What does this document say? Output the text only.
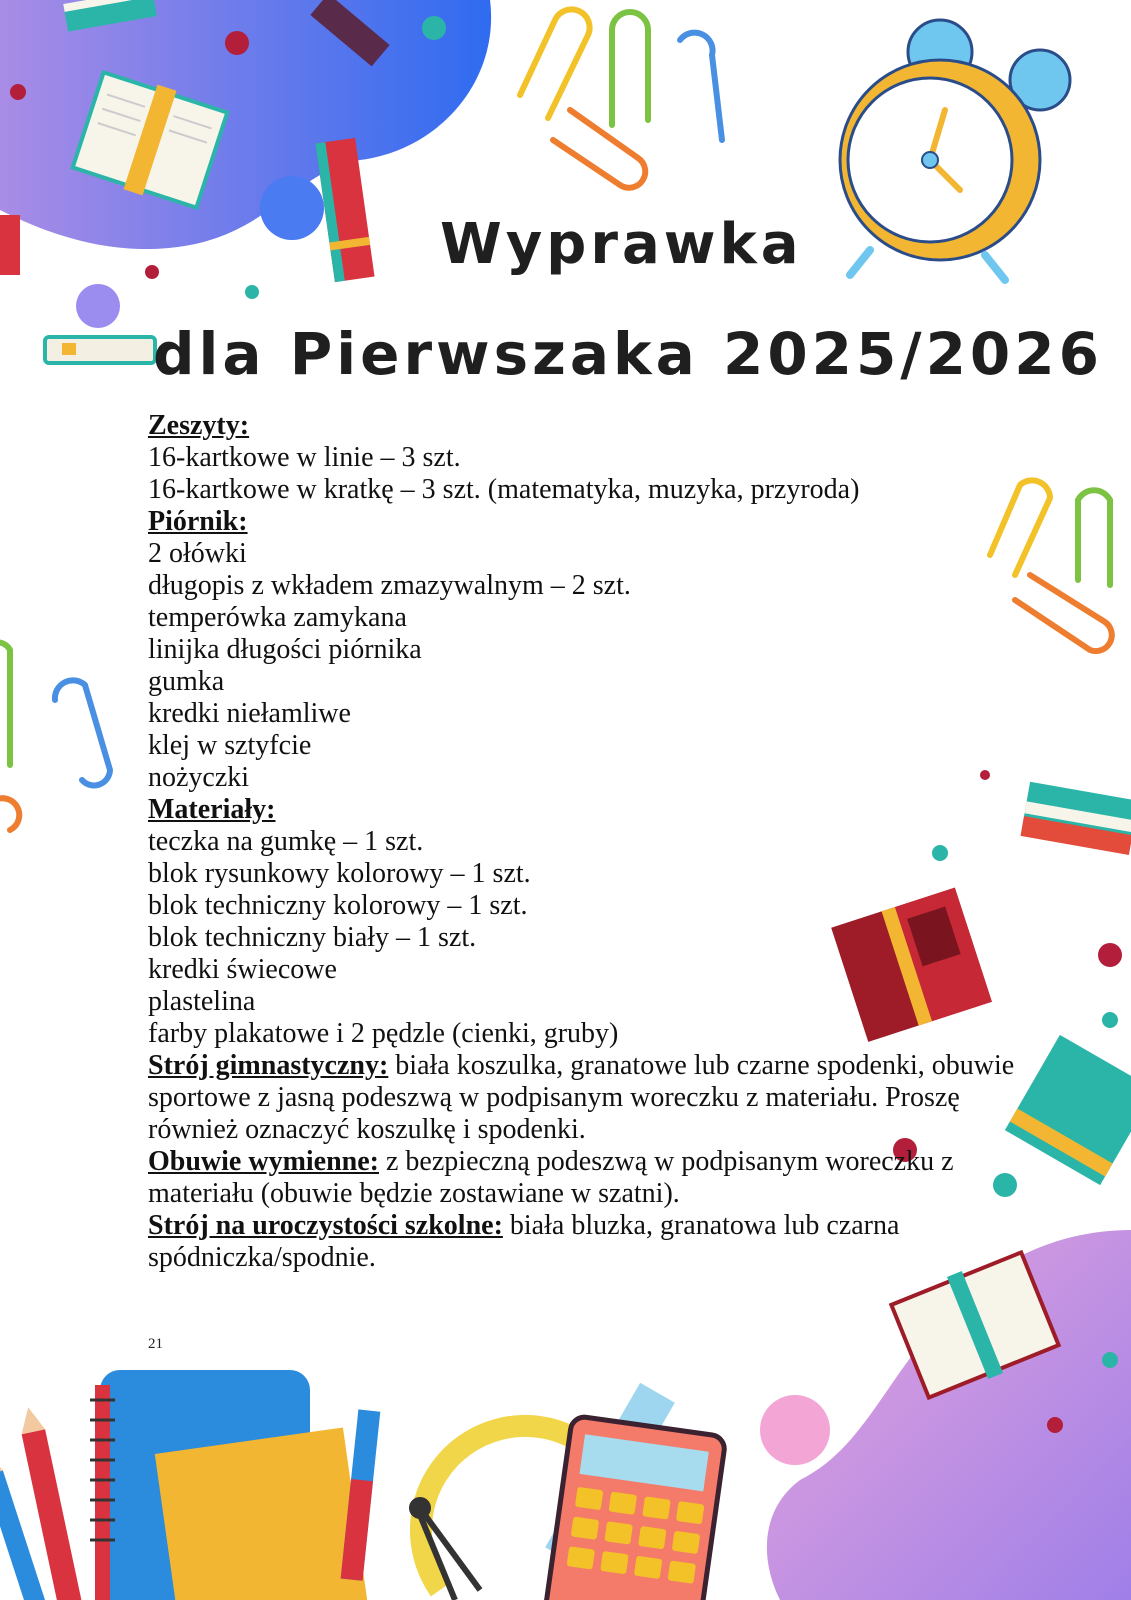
Wyprawka
dla Pierwszaka 2025/2026
Zeszyty:
16-kartkowe w linie – 3 szt.
16-kartkowe w kratkę – 3 szt. (matematyka, muzyka, przyroda)
Piórnik:
2 ołówki
długopis z wkładem zmazywalnym – 2 szt.
temperówka zamykana
linijka długości piórnika
gumka
kredki niełamliwe
klej w sztyfcie
nożyczki
Materiały:
teczka na gumkę – 1 szt.
blok rysunkowy kolorowy – 1 szt.
blok techniczny kolorowy – 1 szt.
blok techniczny biały – 1 szt.
kredki świecowe
plastelina
farby plakatowe i 2 pędzle (cienki, gruby)
Strój gimnastyczny: biała koszulka, granatowe lub czarne spodenki, obuwie sportowe z jasną podeszwą w podpisanym woreczku z materiału. Proszę również oznaczyć koszulkę i spodenki.
Obuwie wymienne: z bezpieczną podeszwą w podpisanym woreczku z materiału (obuwie będzie zostawiane w szatni).
Strój na uroczystości szkolne: biała bluzka, granatowa lub czarna spódniczka/spodnie.
21
